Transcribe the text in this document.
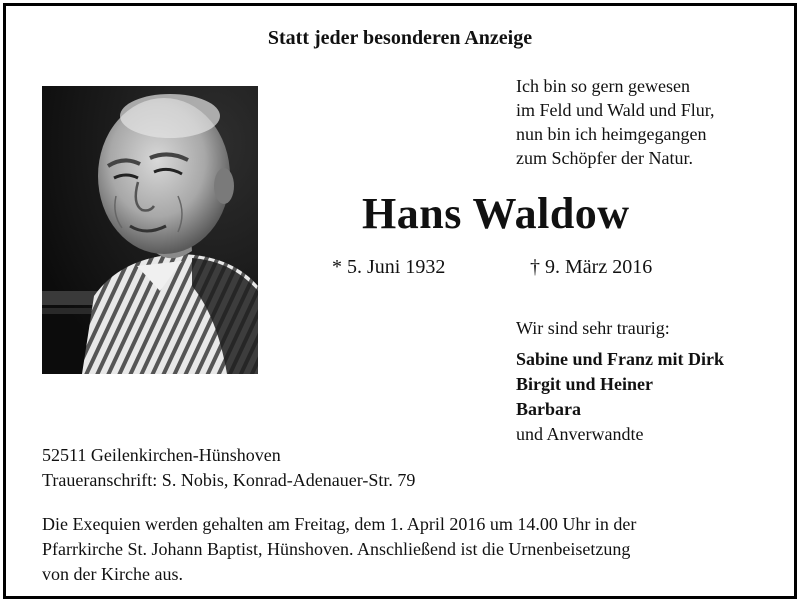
Statt jeder besonderen Anzeige
Ich bin so gern gewesen
im Feld und Wald und Flur,
nun bin ich heimgegangen
zum Schöpfer der Natur.
Hans Waldow
* 5. Juni 1932	† 9. März 2016
Wir sind sehr traurig:
Sabine und Franz mit Dirk
Birgit und Heiner
Barbara
und Anverwandte
52511 Geilenkirchen-Hünshoven
Traueranschrift: S. Nobis, Konrad-Adenauer-Str. 79
Die Exequien werden gehalten am Freitag, dem 1. April 2016 um 14.00 Uhr in der
Pfarrkirche St. Johann Baptist, Hünshoven. Anschließend ist die Urnenbeisetzung
von der Kirche aus.
